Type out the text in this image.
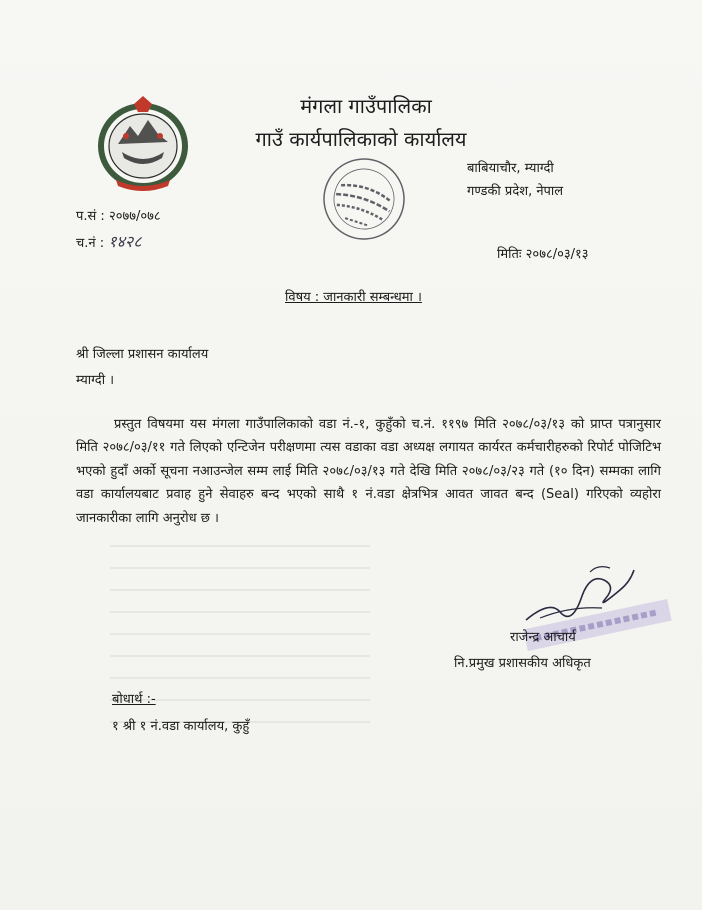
मंगला गाउँपालिका
गाउँ कार्यपालिकाको कार्यालय
बाबियाचौर, म्याग्दी
गण्डकी प्रदेश, नेपाल
प.सं : २०७७/०७८
च.नं : १४२८
मितिः २०७८/०३/१३
विषय : जानकारी सम्बन्धमा ।
श्री जिल्ला प्रशासन कार्यालय
म्याग्दी ।
प्रस्तुत विषयमा यस मंगला गाउँपालिकाको वडा नं.-१, कुहुँको च.नं. ११९७ मिति २०७८/०३/१३ को प्राप्त पत्रानुसार मिति २०७८/०३/११ गते लिएको एन्टिजेन परीक्षणमा त्यस वडाका वडा अध्यक्ष लगायत कार्यरत कर्मचारीहरुको रिपोर्ट पोजिटिभ भएको हुदाँ अर्को सूचना नआउन्जेल सम्म लाई मिति २०७८/०३/१३ गते देखि मिति २०७८/०३/२३ गते (१० दिन) सम्मका लागि वडा कार्यालयबाट प्रवाह हुने सेवाहरु बन्द भएको साथै १ नं.वडा क्षेत्रभित्र आवत जावत बन्द (Seal) गरिएको व्यहोरा जानकारीका लागि अनुरोध छ ।
राजेन्द्र आचार्य
नि.प्रमुख प्रशासकीय अधिकृत
बोधार्थ :-
१ श्री १ नं.वडा कार्यालय, कुहुँ
